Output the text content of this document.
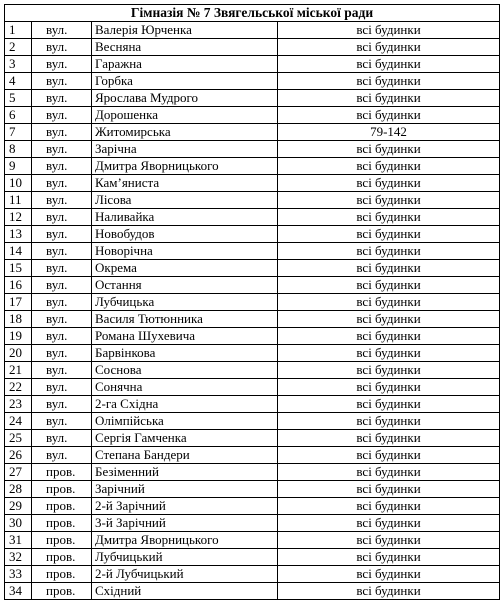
Гімназія № 7 Звягельської міської ради			
1	вул.	Валерія Юрченка	всі будинки
2	вул.	Весняна	всі будинки
3	вул.	Гаражна	всі будинки
4	вул.	Горбка	всі будинки
5	вул.	Ярослава Мудрого	всі будинки
6	вул.	Дорошенка	всі будинки
7	вул.	Житомирська	79-142
8	вул.	Зарічна	всі будинки
9	вул.	Дмитра Яворницького	всі будинки
10	вул.	Кам’яниста	всі будинки
11	вул.	Лісова	всі будинки
12	вул.	Наливайка	всі будинки
13	вул.	Новобудов	всі будинки
14	вул.	Новорічна	всі будинки
15	вул.	Окрема	всі будинки
16	вул.	Остання	всі будинки
17	вул.	Лубчицька	всі будинки
18	вул.	Василя Тютюнника	всі будинки
19	вул.	Романа Шухевича	всі будинки
20	вул.	Барвінкова	всі будинки
21	вул.	Соснова	всі будинки
22	вул.	Сонячна	всі будинки
23	вул.	2-га Східна	всі будинки
24	вул.	Олімпійська	всі будинки
25	вул.	Сергія Гамченка	всі будинки
26	вул.	Степана Бандери	всі будинки
27	пров.	Безіменний	всі будинки
28	пров.	Зарічний	всі будинки
29	пров.	2-й Зарічний	всі будинки
30	пров.	3-й Зарічний	всі будинки
31	пров.	Дмитра Яворницького	всі будинки
32	пров.	Лубчицький	всі будинки
33	пров.	2-й Лубчицький	всі будинки
34	пров.	Східний	всі будинки
